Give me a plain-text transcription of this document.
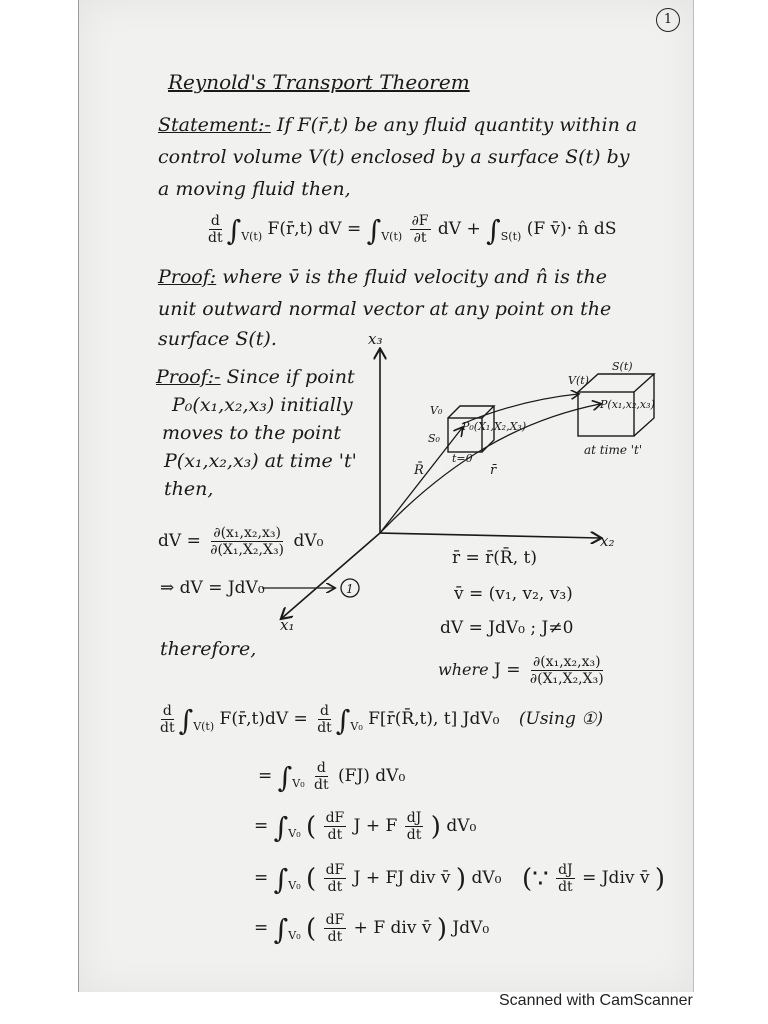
1
Reynold's Transport Theorem
Statement:- If F(r̄,t) be any fluid quantity within a
control volume V(t) enclosed by a surface S(t) by
a moving fluid then,
$\frac{d}{dt} \int_{V(t)}$ F(r̄,t) dV = $\int_{V(t)} \frac{\partial F}{\partial t}$ dV + $\int_{S(t)}$ (F v̄)· n̂ dS
Proof: where v̄ is the fluid velocity and n̂ is the
unit outward normal vector at any point on the
surface S(t).
Proof:- Since if point
P₀(x₁,x₂,x₃) initially
moves to the point
P(x₁,x₂,x₃) at time 't'
then,
x₃
x₂
x₁
V₀
S₀
P₀(X₁,X₂,X₃)
t=0
V(t)
S(t)
P(x₁,x₂,x₃)
at time 't'
R̄	r̄
1
dV = $\frac{\text{∂(x₁,x₂,x₃)}}{\text{∂(X₁,X₂,X₃)}} dV_0$
⇒ dV = JdV₀
r̄ = r̄(R̄, t)
v̄ = (v₁, v₂, v₃)
dV = JdV₀ ; J≠0
where $J = \frac{\text{∂(x₁,x₂,x₃)}}{\text{∂(X₁,X₂,X₃)}}$
therefore,
$\frac{d}{dt} \int_{V(t)}$ F(r̄,t)dV = $\frac{d}{dt} \int_{V_0}$ F[r̄(R̄,t), t] JdV₀ (Using ①)
= $\int_{V_0} \frac{d}{dt} (FJ)$ dV₀
= $\int_{V_0}$ ( $\frac{dF}{dt}$ J + F $\frac{dJ}{dt}$ ) dV₀
= $\int_{V_0}$ ( $\frac{dF}{dt}$ J + FJ div v̄ ) dV₀ (∵ $\frac{dJ}{dt}$ = Jdiv v̄ )
= $\int_{V_0}$ ( $\frac{dF}{dt} + F$ div v̄ ) JdV₀
Scanned with CamScanner
